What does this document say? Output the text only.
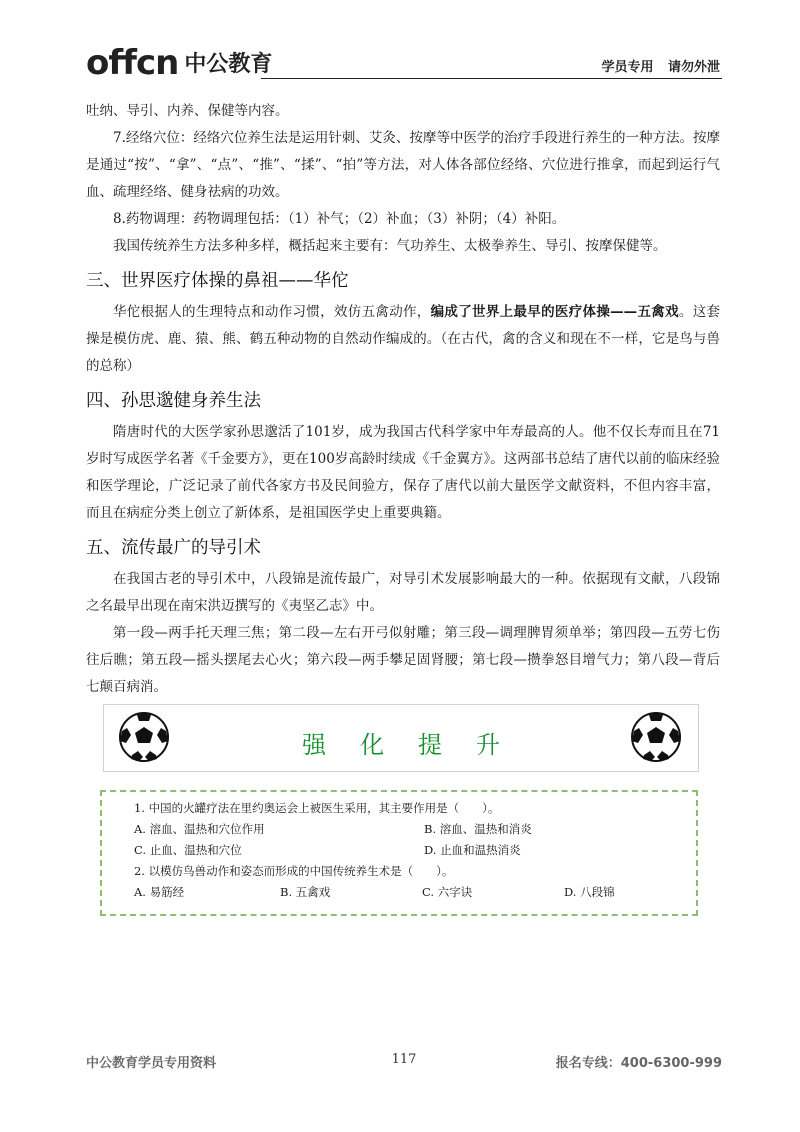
offcn 中公教育	学员专用 请勿外泄

吐纳、导引、内养、保健等内容。

7.经络穴位：经络穴位养生法是运用针刺、艾灸、按摩等中医学的治疗手段进行养生的一种方法。按摩是通过“按”、“拿”、“点”、“推”、“揉”、“拍”等方法，对人体各部位经络、穴位进行推拿，而起到运行气血、疏理经络、健身祛病的功效。

8.药物调理：药物调理包括：（1）补气；（2）补血；（3）补阴；（4）补阳。

我国传统养生方法多种多样，概括起来主要有：气功养生、太极拳养生、导引、按摩保健等。

三、世界医疗体操的鼻祖——华佗

华佗根据人的生理特点和动作习惯，效仿五禽动作，编成了世界上最早的医疗体操——五禽戏。这套操是模仿虎、鹿、猿、熊、鹤五种动物的自然动作编成的。（在古代，禽的含义和现在不一样，它是鸟与兽的总称）

四、孙思邈健身养生法

隋唐时代的大医学家孙思邈活了101岁，成为我国古代科学家中年寿最高的人。他不仅长寿而且在71岁时写成医学名著《千金要方》，更在100岁高龄时续成《千金翼方》。这两部书总结了唐代以前的临床经验和医学理论，广泛记录了前代各家方书及民间验方，保存了唐代以前大量医学文献资料，不但内容丰富，而且在病症分类上创立了新体系，是祖国医学史上重要典籍。

五、流传最广的导引术

在我国古老的导引术中，八段锦是流传最广，对导引术发展影响最大的一种。依据现有文献，八段锦之名最早出现在南宋洪迈撰写的《夷坚乙志》中。

第一段—两手托天理三焦；第二段—左右开弓似射雕；第三段—调理脾胃须单举；第四段—五劳七伤往后瞧；第五段—摇头摆尾去心火；第六段—两手攀足固肾腰；第七段—攒拳怒目增气力；第八段—背后七颠百病消。

强化提升
1. 中国的火罐疗法在里约奥运会上被医生采用，其主要作用是（　　）。
A. 溶血、温热和穴位作用	B. 溶血、温热和消炎
C. 止血、温热和穴位	D. 止血和温热消炎
2. 以模仿鸟兽动作和姿态而形成的中国传统养生术是（　　）。
A. 易筋经	B. 五禽戏	C. 六字诀	D. 八段锦
中公教育学员专用资料	117	报名专线：400-6300-999
